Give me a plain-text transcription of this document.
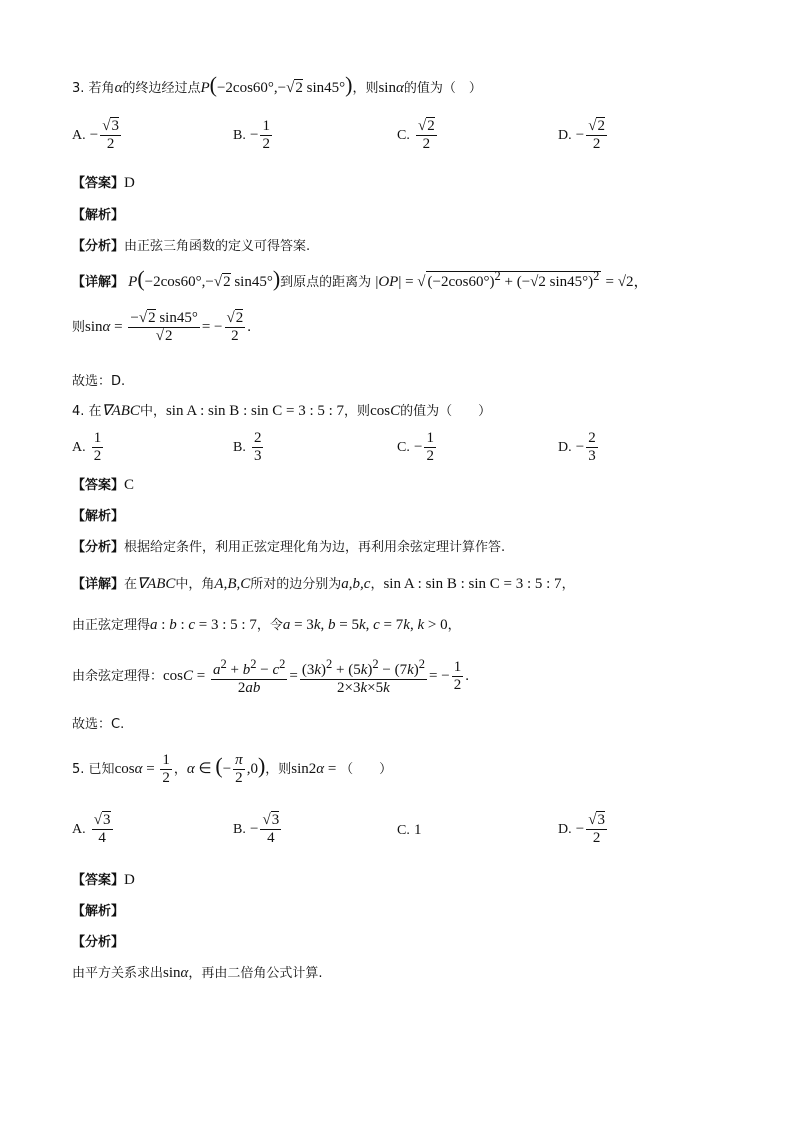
3. 若角α的终边经过点P(−2cos60°,−√2 sin45°)，则sinα的值为（　）
A. − $\frac{√3}{2}$	B. − $\frac{1}{2}$	C. $\frac{√2}{2}$	D. − $\frac{√2}{2}$
【答案】D
【解析】
【分析】由正弦三角函数的定义可得答案.
【详解】 P(−2cos60°,−√2 sin45°)到原点的距离为 |OP| = √ $(-2\cos 60^\circ)^2 + (-√2$ sin45°)$^2$ = √2，
则$\sin\alpha = \frac{-√2 \sin 45^\circ}{√2}$ = − $\frac{√2}{2}$ .
故选：D.
4. 在∇ABC中，sin A : sin B : sin C = 3 : 5 : 7，则cosC的值为（　　）
A. $\frac{1}{2}$	B. $\frac{2}{3}$	C. − $\frac{1}{2}$	D. − $\frac{2}{3}$
【答案】C
【解析】
【分析】根据给定条件，利用正弦定理化角为边，再利用余弦定理计算作答.
【详解】在∇ABC中，角A,B,C所对的边分别为a,b,c，sin A : sin B : sin C = 3 : 5 : 7，
由正弦定理得a : b : c = 3 : 5 : 7，令a = 3k, b = 5k, c = 7k, k > 0，
由余弦定理得：$\cos C = \frac{a^2 + b^2 - c^2}{2ab} = \frac{(3k)^2 + (5k)^2 - (7k)^2}{2\times 3k\times 5k}$ = − $\frac{1}{2}$ .
故选：C.
5. 已知$\cos\alpha = \frac{1}{2}$ ，α ∈ (− $\frac{\pi}{2} ,0$)，则sin2α = （　　）
A. $\frac{√3}{4}$	B. − $\frac{√3}{4}$	C. 1	D. − $\frac{√3}{2}$
【答案】D
【解析】
【分析】
由平方关系求出sinα，再由二倍角公式计算.
